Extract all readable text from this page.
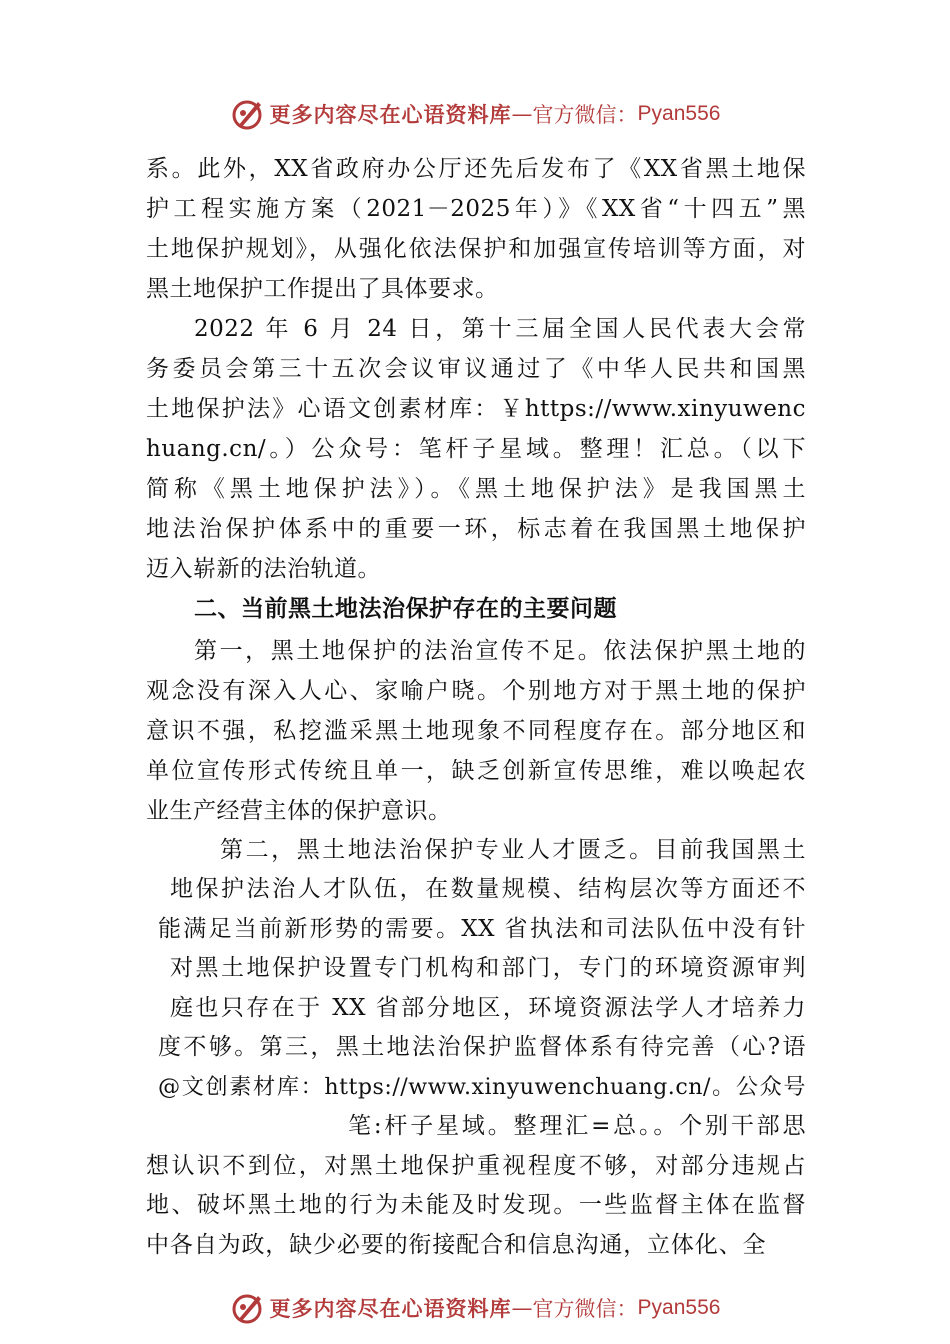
更多内容尽在心语资料库 — 官方微信： Pyan556
系。此外，XX省政府办公厅还先后发布了《XX省黑土地保
护工程实施方案（2021－2025年）》《XX省“十四五”黑
土地保护规划》，从强化依法保护和加强宣传培训等方面，对
黑土地保护工作提出了具体要求。
2022 年 6 月 24 日，第十三届全国人民代表大会常
务委员会第三十五次会议审议通过了《中华人民共和国黑
土地保护法》心语文创素材库：￥https://www.xinyuwenc
huang.cn/。）公众号：笔杆子星域。整理！汇总。（以下
简称《黑土地保护法》）。《黑土地保护法》是我国黑土
地法治保护体系中的重要一环，标志着在我国黑土地保护
迈入崭新的法治轨道。
二、当前黑土地法治保护存在的主要问题
第一，黑土地保护的法治宣传不足。依法保护黑土地的
观念没有深入人心、家喻户晓。个别地方对于黑土地的保护
意识不强，私挖滥采黑土地现象不同程度存在。部分地区和
单位宣传形式传统且单一，缺乏创新宣传思维，难以唤起农
业生产经营主体的保护意识。
第二，黑土地法治保护专业人才匮乏。目前我国黑土
地保护法治人才队伍，在数量规模、结构层次等方面还不
能满足当前新形势的需要。XX 省执法和司法队伍中没有针
对黑土地保护设置专门机构和部门，专门的环境资源审判
庭也只存在于 XX 省部分地区，环境资源法学人才培养力
度不够。第三，黑土地法治保护监督体系有待完善（心?语
@文创素材库：https://www.xinyuwenchuang.cn/。公众号
笔:杆子星域。整理汇=总。。个别干部思
想认识不到位，对黑土地保护重视程度不够，对部分违规占
地、破坏黑土地的行为未能及时发现。一些监督主体在监督
中各自为政，缺少必要的衔接配合和信息沟通，立体化、全
更多内容尽在心语资料库 — 官方微信： Pyan556
